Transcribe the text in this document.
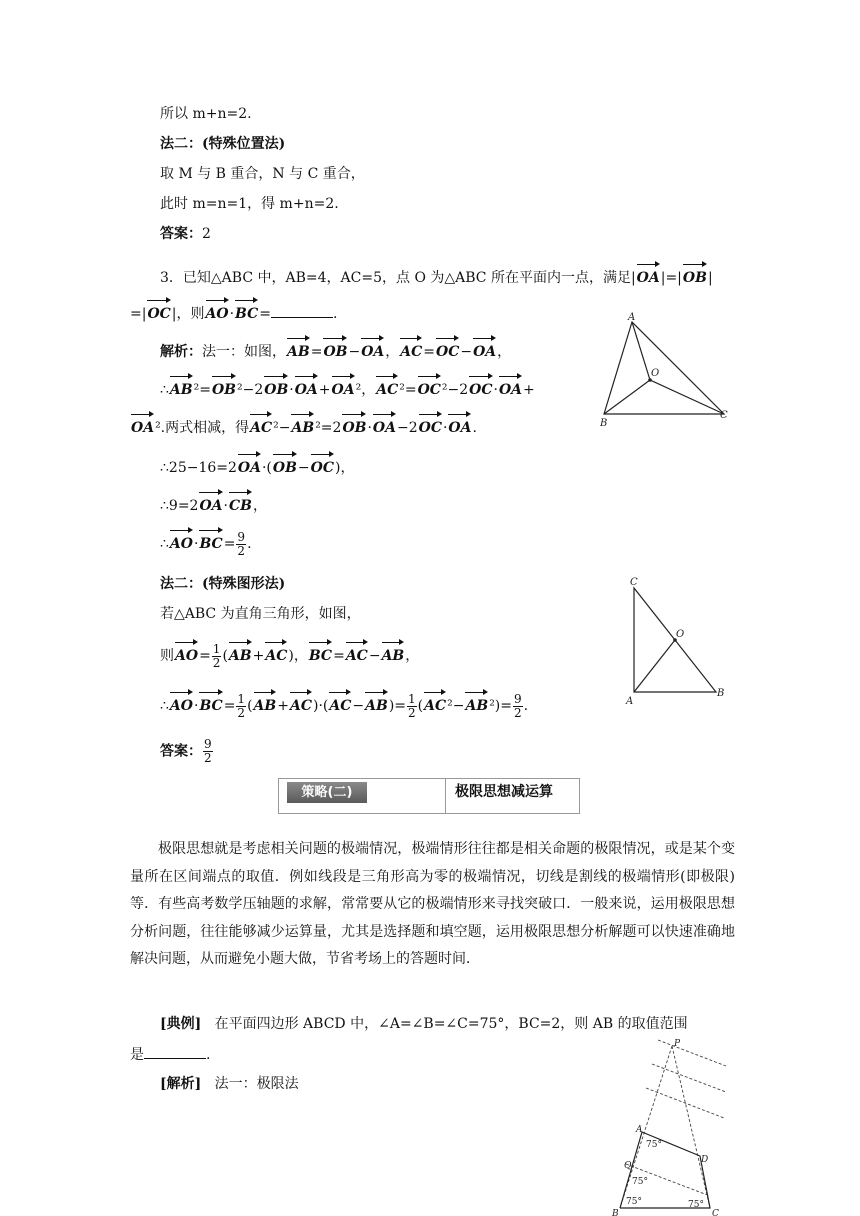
所以 m+n=2.
法二：(特殊位置法)
取 M 与 B 重合，N 与 C 重合，
此时 m=n=1，得 m+n=2.
答案：2
3．已知△ABC 中，AB=4，AC=5，点 O 为△ABC 所在平面内一点，满足|OA|=|OB|
=|OC|，则AO·BC=	.
解析：法一：如图，AB=OB−OA，AC=OC−OA，
∴AB²=OB²−2OB·OA+OA²，AC²=OC²−2OC·OA+
OA².两式相减，得AC²−AB²=2OB·OA−2OC·OA.
∴25−16=2OA·(OB−OC)，
∴9=2OA·CB，
∴AO·BC= $\frac{9}{2}$ .
法二：(特殊图形法)
若△ABC 为直角三角形，如图，
则$AO= \frac{1}{2} (AB+AC)$，BC=AC−AB，
∴AO·BC= $\frac{1}{2} (AB+AC)\cdot(AC-AB)= \frac{1}{2} (AC^2-AB^2)= \frac{9}{2}$ .
答案： $\frac{9}{2}$
策略(二)	极限思想减运算
极限思想就是考虑相关问题的极端情况，极端情形往往都是相关命题的极限情况，或是某个变量所在区间端点的取值．例如线段是三角形高为零的极端情况，切线是割线的极端情形(即极限)等．有些高考数学压轴题的求解，常常要从它的极端情形来寻找突破口．一般来说，运用极限思想分析问题，往往能够减少运算量，尤其是选择题和填空题，运用极限思想分析解题可以快速准确地解决问题，从而避免小题大做，节省考场上的答题时间．
[典例] 在平面四边形 ABCD 中，∠A=∠B=∠C=75°，BC=2，则 AB 的取值范围
是	.
[解析] 法一：极限法
A
B
C
O
C
A
B
O
P
A
D
Q
B	C
75°
75°
75°	75°
